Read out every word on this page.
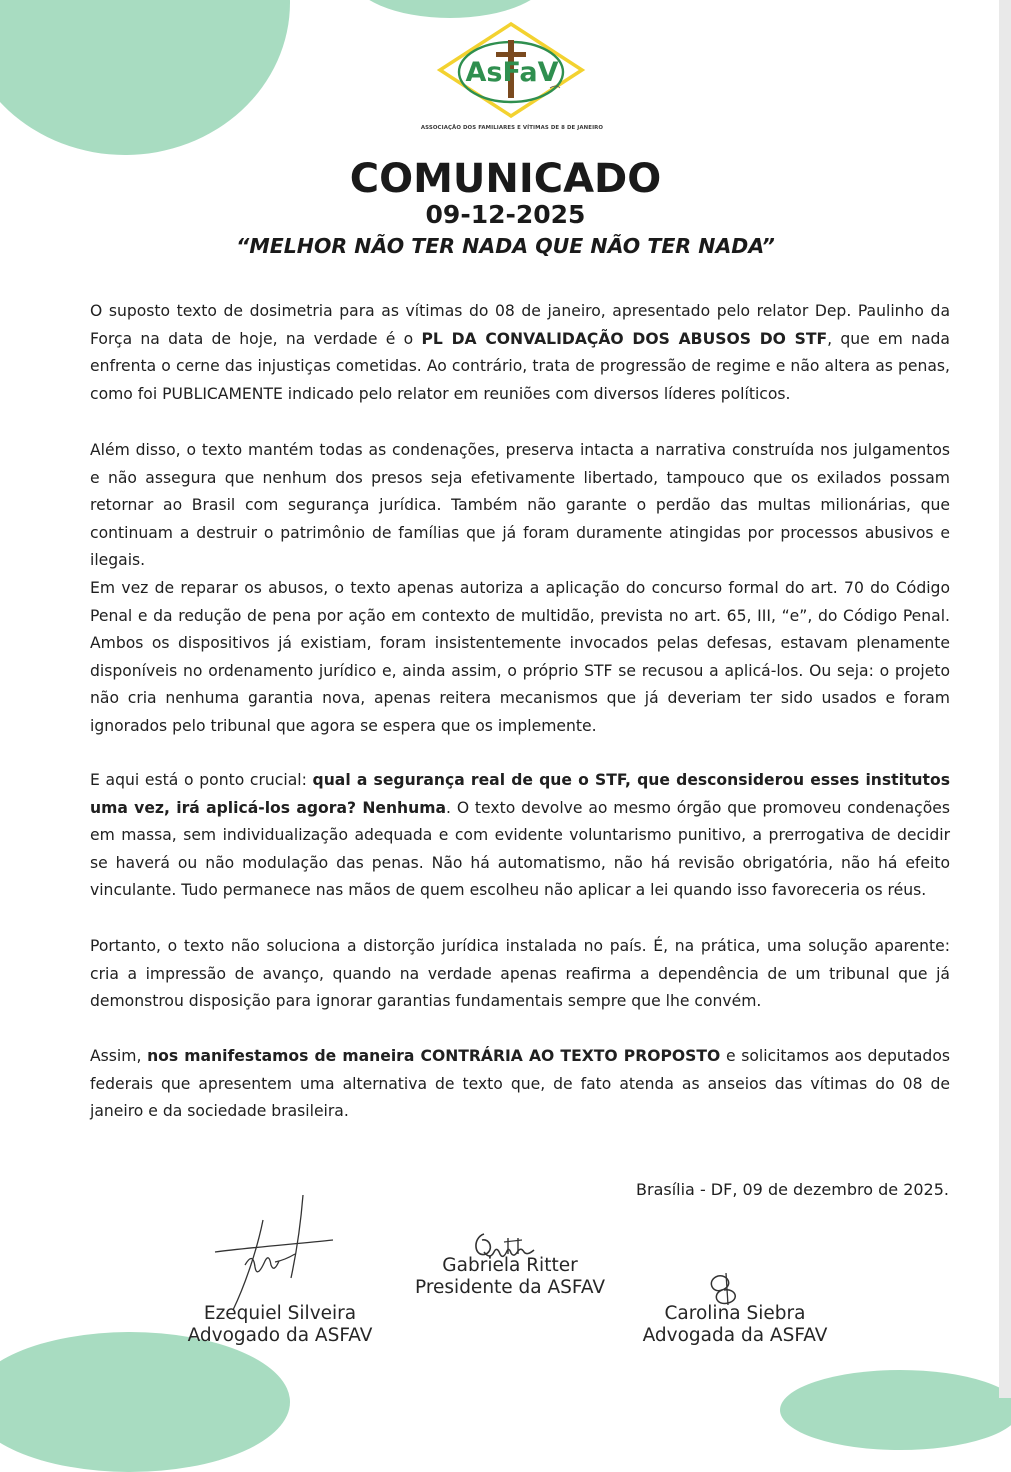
AsFaV
ASSOCIAÇÃO DOS FAMILIARES E VÍTIMAS DE 8 DE JANEIRO
COMUNICADO
09-12-2025
“MELHOR NÃO TER NADA QUE NÃO TER NADA”

O suposto texto de dosimetria para as vítimas do 08 de janeiro, apresentado pelo relator Dep. Paulinho da Força na data de hoje, na verdade é o PL DA CONVALIDAÇÃO DOS ABUSOS DO STF, que em nada enfrenta o cerne das injustiças cometidas. Ao contrário, trata de progressão de regime e não altera as penas, como foi PUBLICAMENTE indicado pelo relator em reuniões com diversos líderes políticos.

Além disso, o texto mantém todas as condenações, preserva intacta a narrativa construída nos julgamentos e não assegura que nenhum dos presos seja efetivamente libertado, tampouco que os exilados possam retornar ao Brasil com segurança jurídica. Também não garante o perdão das multas milionárias, que continuam a destruir o patrimônio de famílias que já foram duramente atingidas por processos abusivos e ilegais.

Em vez de reparar os abusos, o texto apenas autoriza a aplicação do concurso formal do art. 70 do Código Penal e da redução de pena por ação em contexto de multidão, prevista no art. 65, III, “e”, do Código Penal. Ambos os dispositivos já existiam, foram insistentemente invocados pelas defesas, estavam plenamente disponíveis no ordenamento jurídico e, ainda assim, o próprio STF se recusou a aplicá-los. Ou seja: o projeto não cria nenhuma garantia nova, apenas reitera mecanismos que já deveriam ter sido usados e foram ignorados pelo tribunal que agora se espera que os implemente.

E aqui está o ponto crucial: qual a segurança real de que o STF, que desconsiderou esses institutos uma vez, irá aplicá-los agora? Nenhuma. O texto devolve ao mesmo órgão que promoveu condenações em massa, sem individualização adequada e com evidente voluntarismo punitivo, a prerrogativa de decidir se haverá ou não modulação das penas. Não há automatismo, não há revisão obrigatória, não há efeito vinculante. Tudo permanece nas mãos de quem escolheu não aplicar a lei quando isso favoreceria os réus.

Portanto, o texto não soluciona a distorção jurídica instalada no país. É, na prática, uma solução aparente: cria a impressão de avanço, quando na verdade apenas reafirma a dependência de um tribunal que já demonstrou disposição para ignorar garantias fundamentais sempre que lhe convém.

Assim, nos manifestamos de maneira CONTRÁRIA AO TEXTO PROPOSTO e solicitamos aos deputados federais que apresentem uma alternativa de texto que, de fato atenda as anseios das vítimas do 08 de janeiro e da sociedade brasileira.

Brasília - DF, 09 de dezembro de 2025.
Ezequiel Silveira
Advogado da ASFAV
Gabriela Ritter
Presidente da ASFAV
Carolina Siebra
Advogada da ASFAV
